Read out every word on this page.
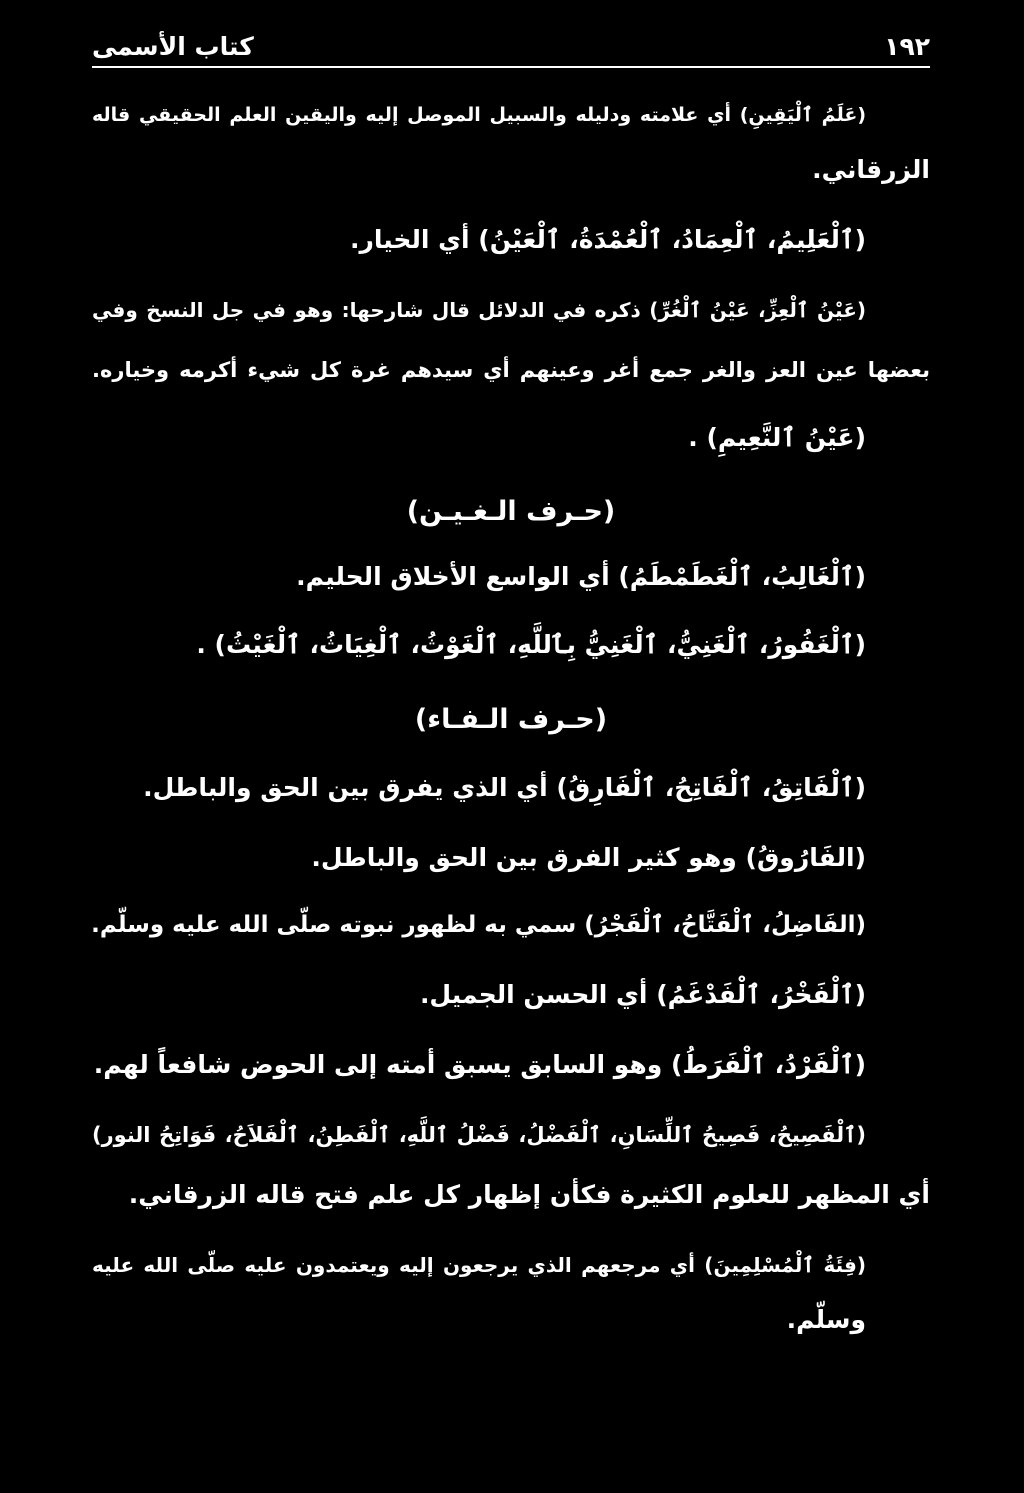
١٩٢
كتاب الأسمى
(عَلَمُ ٱلْيَقِينِ) أي علامته ودليله والسبيل الموصل إليه واليقين العلم الحقيقي قاله
.الزرقاني
(ٱلْعَلِيمُ، ٱلْعِمَادُ، ٱلْعُمْدَةُ، ٱلْعَيْنُ) أي الخيار.
(عَيْنُ ٱلْعِزِّ، عَيْنُ ٱلْغُرِّ) ذكره في الدلائل قال شارحها: وهو في جل النسخ وفي
بعضها عين العز والغر جمع أغر وعينهم أي سيدهم غرة كل شيء أكرمه وخياره.
(عَيْنُ ٱلنَّعِيمِ) .
(حـرف الـغـيـن)
(ٱلْغَالِبُ، ٱلْغَطَمْطَمُ) أي الواسع الأخلاق الحليم.
(ٱلْغَفُورُ، ٱلْغَنِيُّ، ٱلْغَنِيُّ بِٱللَّهِ، ٱلْغَوْثُ، ٱلْغِيَاثُ، ٱلْغَيْثُ) .
(حـرف الـفـاء)
(ٱلْفَاتِقُ، ٱلْفَاتِحُ، ٱلْفَارِقُ) أي الذي يفرق بين الحق والباطل.
(الفَارُوقُ) وهو كثير الفرق بين الحق والباطل.
(الفَاضِلُ، ٱلْفَتَّاحُ، ٱلْفَجْرُ) سمي به لظهور نبوته صلّى الله عليه وسلّم.
(ٱلْفَخْرُ، ٱلْفَدْغَمُ) أي الحسن الجميل.
(ٱلْفَرْدُ، ٱلْفَرَطُ) وهو السابق يسبق أمته إلى الحوض شافعاً لهم.
(ٱلْفَصِيحُ، فَصِيحُ ٱللِّسَانِ، ٱلْفَضْلُ، فَضْلُ ٱللَّهِ، ٱلْفَطِنُ، ٱلْفَلاَحُ، فَوَاتِحُ النور)
أي المظهر للعلوم الكثيرة فكأن إظهار كل علم فتح قاله الزرقاني.
(فِئَةُ ٱلْمُسْلِمِينَ) أي مرجعهم الذي يرجعون إليه ويعتمدون عليه صلّى الله عليه
.وسلّم
